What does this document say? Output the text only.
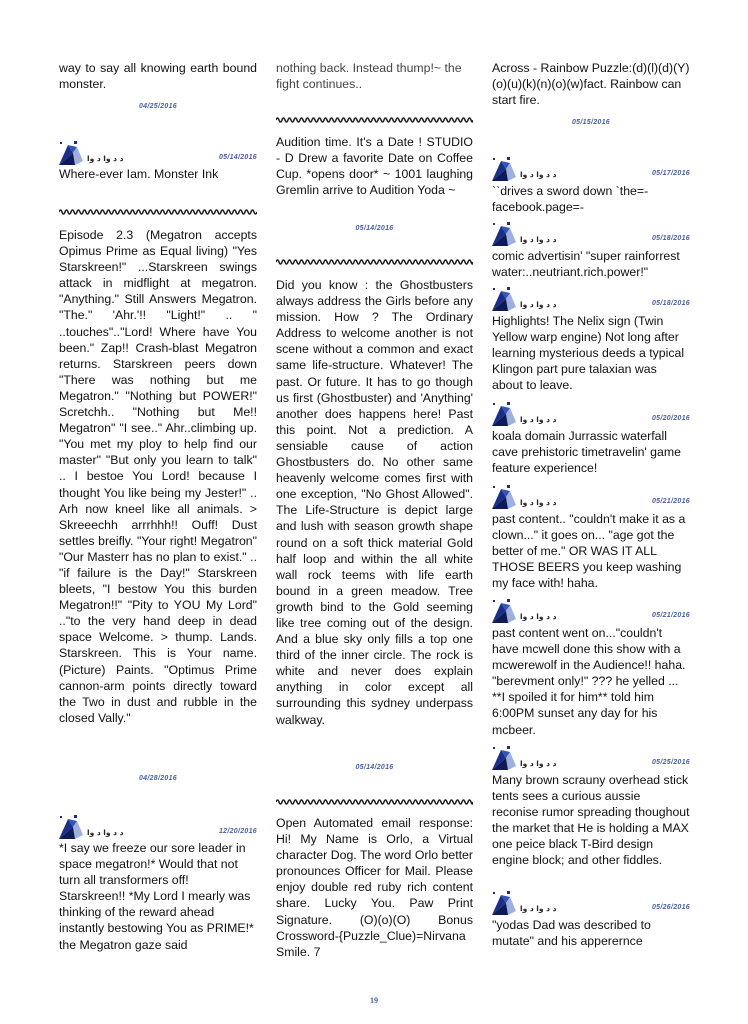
way to say all knowing earth bound monster.

04/25/2016
ﺩ ﺩ ﻭﺍ ﺩ ﻭﺍ	05/14/2016

Where-ever Iam. Monster Ink

Episode 2.3 (Megatron accepts Opimus Prime as Equal living) "Yes Starskreen!" ...Starskreen swings attack in midflight at megatron. "Anything." Still Answers Megatron. "The." 'Ahr.'!! "Light!" .. " ..touches".."Lord! Where have You been." Zap!! Crash-blast Megatron returns. Starskreen peers down "There was nothing but me Megatron." "Nothing but POWER!" Scretchh.. "Nothing but Me!! Megatron" "I see.." Ahr..climbing up. "You met my ploy to help find our master" "But only you learn to talk" .. I bestoe You Lord! because I thought You like being my Jester!" .. Arh now kneel like all animals. > Skreeechh arrrhhh!! Ouff! Dust settles breifly. "Your right! Megatron" "Our Masterr has no plan to exist." .. "if failure is the Day!" Starskreen bleets, "I bestow You this burden Megatron!!" "Pity to YOU My Lord" .."to the very hand deep in dead space Welcome. > thump. Lands. Starskreen. This is Your name. (Picture) Paints. "Optimus Prime cannon-arm points directly toward the Two in dust and rubble in the closed Vally."

04/28/2016
ﺩ ﺩ ﻭﺍ ﺩ ﻭﺍ	12/20/2016

*I say we freeze our sore leader in space megatron!* Would that not turn all transformers off! Starskreen!! *My Lord I mearly was thinking of the reward ahead instantly bestowing You as PRIME!* the Megatron gaze said

nothing back. Instead thump!~ the fight continues..

Audition time. It's a Date ! STUDIO - D Drew a favorite Date on Coffee Cup. *opens door* ~ 1001 laughing Gremlin arrive to Audition Yoda ~

05/14/2016

Did you know : the Ghostbusters always address the Girls before any mission. How ? The Ordinary Address to welcome another is not scene without a common and exact same life-structure. Whatever! The past. Or future. It has to go though us first (Ghostbuster) and 'Anything' another does happens here! Past this point. Not a prediction. A sensiable cause of action Ghostbusters do. No other same heavenly welcome comes first with one exception, "No Ghost Allowed". The Life-Structure is depict large and lush with season growth shape round on a soft thick material Gold half loop and within the all white wall rock teems with life earth bound in a green meadow. Tree growth bind to the Gold seeming like tree coming out of the design. And a blue sky only fills a top one third of the inner circle. The rock is white and never does explain anything in color except all surrounding this sydney underpass walkway.

05/14/2016

Open Automated email response: Hi! My Name is Orlo, a Virtual character Dog. The word Orlo better pronounces Officer for Mail. Please enjoy double red ruby rich content share. Lucky You. Paw Print Signature. (O)(o)(O) Bonus Crossword-{Puzzle_Clue)=Nirvana Smile. 7

Across - Rainbow Puzzle:(d)(l)(d)(Y)(o)(u)(k)(n)(o)(w)fact. Rainbow can start fire.

05/15/2016
ﺩ ﺩ ﻭﺍ ﺩ ﻭﺍ	05/17/2016

``drives a sword down `the=-facebook.page=-

ﺩ ﺩ ﻭﺍ ﺩ ﻭﺍ	05/18/2016

comic advertisin' "super rainforrest water:..neutriant.rich.power!"

ﺩ ﺩ ﻭﺍ ﺩ ﻭﺍ	05/18/2016

Highlights! The Nelix sign (Twin Yellow warp engine) Not long after learning mysterious deeds a typical Klingon part pure talaxian was about to leave.

ﺩ ﺩ ﻭﺍ ﺩ ﻭﺍ	05/20/2016

koala domain Jurrassic waterfall cave prehistoric timetravelin' game feature experience!

ﺩ ﺩ ﻭﺍ ﺩ ﻭﺍ	05/21/2016

past content.. "couldn't make it as a clown..." it goes on... "age got the better of me." OR WAS IT ALL THOSE BEERS you keep washing my face with! haha.

ﺩ ﺩ ﻭﺍ ﺩ ﻭﺍ	05/21/2016

past content went on..."couldn't have mcwell done this show with a mcwerewolf in the Audience!! haha. "berevment only!" ??? he yelled ... **I spoiled it for him** told him 6:00PM sunset any day for his mcbeer.

ﺩ ﺩ ﻭﺍ ﺩ ﻭﺍ	05/25/2016

Many brown scrauny overhead stick tents sees a curious aussie reconise rumor spreading thoughout the market that He is holding a MAX one peice black T-Bird design engine block; and other fiddles.

ﺩ ﺩ ﻭﺍ ﺩ ﻭﺍ	05/26/2016

"yodas Dad was described to mutate" and his apperernce

19
